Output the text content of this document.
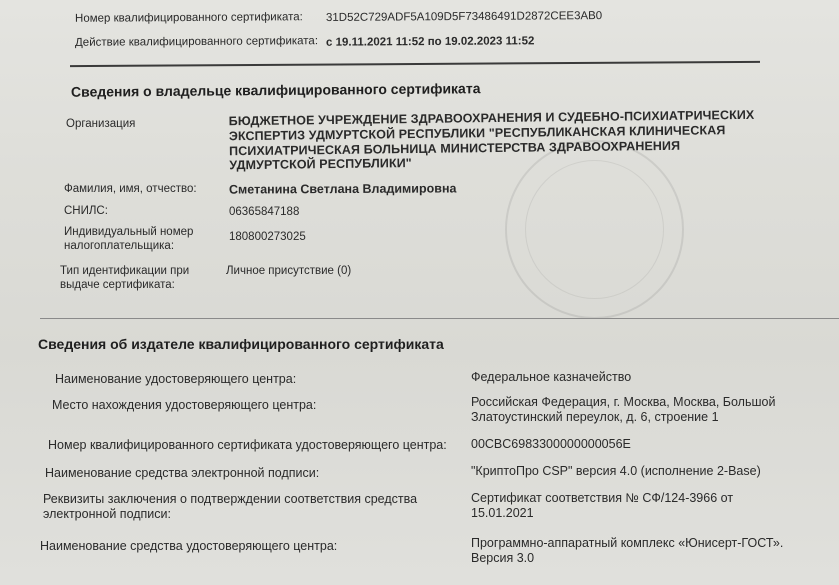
Номер квалифицированного сертификата: 31D52C729ADF5A109D5F73486491D2872CEE3AB0
Действие квалифицированного сертификата: с 19.11.2021 11:52 по 19.02.2023 11:52
Сведения о владельце квалифицированного сертификата
Организация	БЮДЖЕТНОЕ УЧРЕЖДЕНИЕ ЗДРАВООХРАНЕНИЯ И СУДЕБНО-ПСИХИАТРИЧЕСКИХ ЭКСПЕРТИЗ УДМУРТСКОЙ РЕСПУБЛИКИ "РЕСПУБЛИКАНСКАЯ КЛИНИЧЕСКАЯ ПСИХИАТРИЧЕСКАЯ БОЛЬНИЦА МИНИСТЕРСТВА ЗДРАВООХРАНЕНИЯ УДМУРТСКОЙ РЕСПУБЛИКИ"
Фамилия, имя, отчество:	Сметанина Светлана Владимировна
СНИЛС:	06365847188
Индивидуальный номер налогоплательщика:
180800273025
Тип идентификации при выдаче сертификата:
Личное присутствие (0)
Сведения об издателе квалифицированного сертификата
Наименование удостоверяющего центра:	Федеральное казначейство
Место нахождения удостоверяющего центра:	Российская Федерация, г. Москва, Москва, Большой Златоустинский переулок, д. 6, строение 1
Номер квалифицированного сертификата удостоверяющего центра: 00CBC6983300000000056E
Наименование средства электронной подписи:	"КриптоПро CSP" версия 4.0 (исполнение 2-Base)
Реквизиты заключения о подтверждении соответствия средства электронной подписи:
Сертификат соответствия № СФ/124-3966 от 15.01.2021
Наименование средства удостоверяющего центра:	Программно-аппаратный комплекс «Юнисерт-ГОСТ». Версия 3.0
